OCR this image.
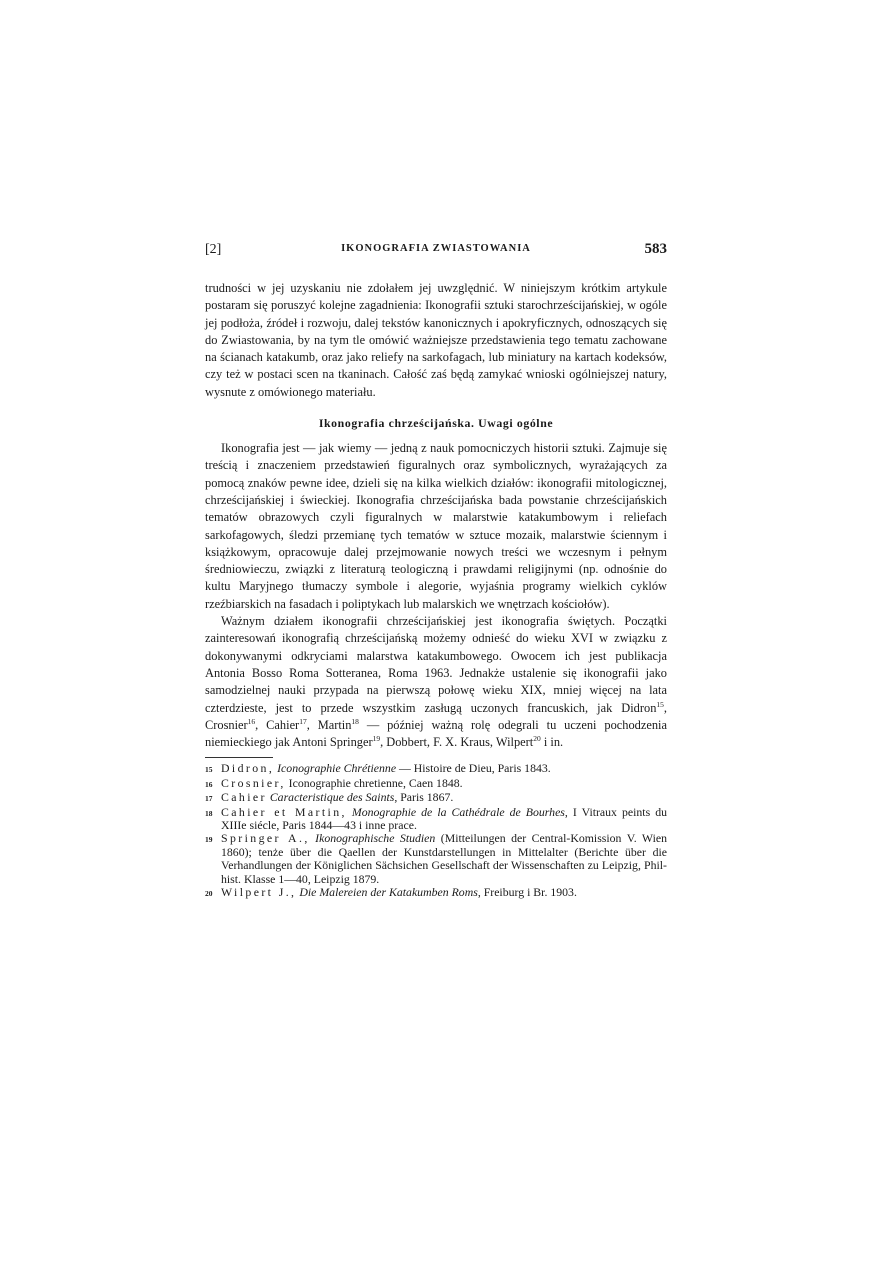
[2]	IKONOGRAFIA ZWIASTOWANIA	583

trudności w jej uzyskaniu nie zdołałem jej uwzględnić. W niniejszym krótkim artykule postaram się poruszyć kolejne zagadnienia: Ikonografii sztuki starochrześcijańskiej, w ogóle jej podłoża, źródeł i rozwoju, dalej tekstów kanonicznych i apokryficznych, odnoszących się do Zwiastowania, by na tym tle omówić ważniejsze przedstawienia tego tematu zachowane na ścianach katakumb, oraz jako reliefy na sarkofagach, lub miniatury na kartach kodeksów, czy też w postaci scen na tkaninach. Całość zaś będą zamykać wnioski ogólniejszej natury, wysnute z omówionego materiału.

Ikonografia chrześcijańska. Uwagi ogólne

Ikonografia jest — jak wiemy — jedną z nauk pomocniczych historii sztuki. Zajmuje się treścią i znaczeniem przedstawień figuralnych oraz symbolicznych, wyrażających za pomocą znaków pewne idee, dzieli się na kilka wielkich działów: ikonografii mitologicznej, chrześcijańskiej i świeckiej. Ikonografia chrześcijańska bada powstanie chrześcijańskich tematów obrazowych czyli figuralnych w malarstwie katakumbowym i reliefach sarkofagowych, śledzi przemianę tych tematów w sztuce mozaik, malarstwie ściennym i książkowym, opracowuje dalej przejmowanie nowych treści we wczesnym i pełnym średniowieczu, związki z literaturą teologiczną i prawdami religijnymi (np. odnośnie do kultu Maryjnego tłumaczy symbole i alegorie, wyjaśnia programy wielkich cyklów rzeźbiarskich na fasadach i poliptykach lub malarskich we wnętrzach kościołów).

Ważnym działem ikonografii chrześcijańskiej jest ikonografia świętych. Początki zainteresowań ikonografią chrześcijańską możemy odnieść do wieku XVI w związku z dokonywanymi odkryciami malarstwa katakumbowego. Owocem ich jest publikacja Antonia Bosso Roma Sotteranea, Roma 1963. Jednakże ustalenie się ikonografii jako samodzielnej nauki przypada na pierwszą połowę wieku XIX, mniej więcej na lata czterdzieste, jest to przede wszystkim zasługą uczonych francuskich, jak Didron$^{15}$, Crosnier$^{16}$, Cahier$^{17}$, Martin$^{18}$ — później ważną rolę odegrali tu uczeni pochodzenia niemieckiego jak Antoni Springer$^{19}$, Dobbert, F. X. Kraus, Wilpert$^{20}$ i in.

15 Didron, Iconographie Chrétienne — Histoire de Dieu, Paris 1843.
16 Crosnier, Iconographie chretienne, Caen 1848.
17 Cahier Caracteristique des Saints, Paris 1867.
18 Cahier et Martin, Monographie de la Cathédrale de Bourhes, I Vitraux peints du XIIIe siécle, Paris 1844—43 i inne prace.
19 Springer A., Ikonographische Studien (Mitteilungen der Central-Komission V. Wien 1860); tenże über die Qaellen der Kunstdarstellungen in Mittelalter (Berichte über die Verhandlungen der Königlichen Sächsichen Gesellschaft der Wissenschaften zu Leipzig, Phil-hist. Klasse 1—40, Leipzig 1879.
20 Wilpert J., Die Malereien der Katakumben Roms, Freiburg i Br. 1903.
